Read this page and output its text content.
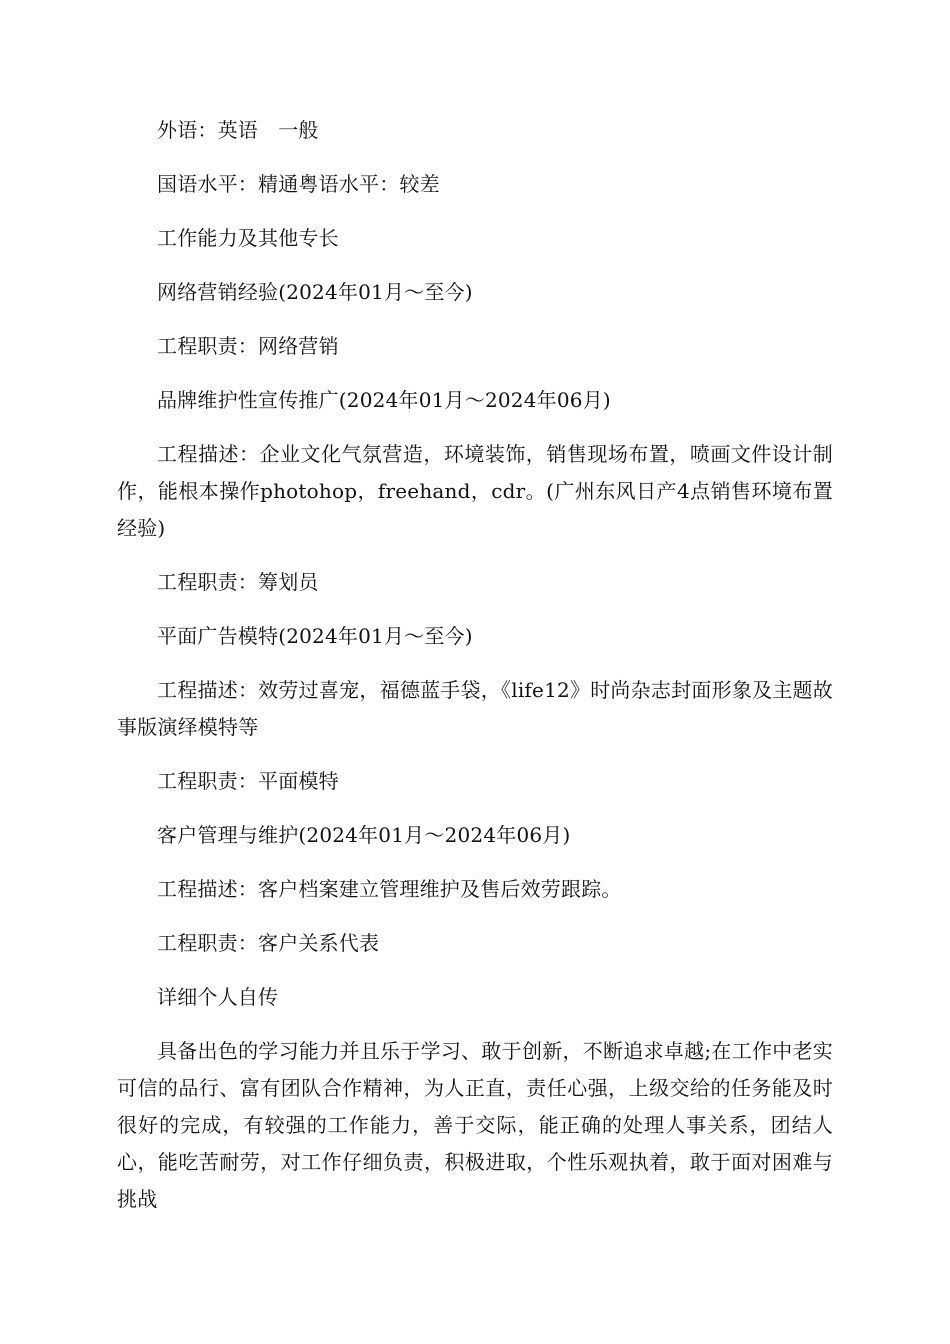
外语：英语　一般

国语水平：精通粤语水平：较差

工作能力及其他专长

网络营销经验(2024年01月～至今)

工程职责：网络营销

品牌维护性宣传推广(2024年01月～2024年06月)

工程描述：企业文化气氛营造，环境装饰，销售现场布置，喷画文件设计制作，能根本操作photohop，freehand，cdr。(广州东风日产4点销售环境布置经验)

工程职责：筹划员

平面广告模特(2024年01月～至今)

工程描述：效劳过喜宠，福德蓝手袋，《life12》时尚杂志封面形象及主题故事版演绎模特等

工程职责：平面模特

客户管理与维护(2024年01月～2024年06月)

工程描述：客户档案建立管理维护及售后效劳跟踪。

工程职责：客户关系代表

详细个人自传

具备出色的学习能力并且乐于学习、敢于创新，不断追求卓越;在工作中老实可信的品行、富有团队合作精神，为人正直，责任心强，上级交给的任务能及时很好的完成，有较强的工作能力，善于交际，能正确的处理人事关系，团结人心，能吃苦耐劳，对工作仔细负责，积极进取，个性乐观执着，敢于面对困难与挑战
